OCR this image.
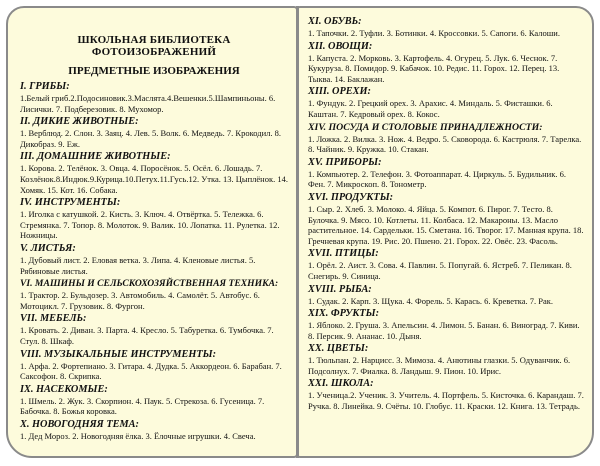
ШКОЛЬНАЯ БИБЛИОТЕКА ФОТОИЗОБРАЖЕНИЙ
ПРЕДМЕТНЫЕ ИЗОБРАЖЕНИЯ
I. ГРИБЫ:

1.Белый гриб.2.Подосиновик.3.Маслята.4.Вешенки.5.Шампиньоны. 6. Лисички. 7. Подберезовик. 8. Мухомор.

II. ДИКИЕ ЖИВОТНЫЕ:

1. Верблюд. 2. Слон. 3. Заяц. 4. Лев. 5. Волк. 6. Медведь. 7. Крокодил. 8. Дикобраз. 9. Еж.

III. ДОМАШНИЕ ЖИВОТНЫЕ:

1. Корова. 2. Телёнок. 3. Овца. 4. Поросёнок. 5. Осёл. 6. Лошадь. 7. Козлёнок.8.Индюк.9.Курица.10.Петух.11.Гусь.12. Утка. 13. Цыплёнок. 14. Хомяк. 15. Кот. 16. Собака.

IV. ИНСТРУМЕНТЫ:

1. Иголка с катушкой. 2. Кисть. 3. Ключ. 4. Отвёртка. 5. Тележка. 6. Стремянка. 7. Топор. 8. Молоток. 9. Валик. 10. Лопатка. 11. Рулетка. 12. Ножницы.

V. ЛИСТЬЯ:

1. Дубовый лист. 2. Еловая ветка. 3. Липа. 4. Кленовые листья. 5. Рябиновые листья.

VI. МАШИНЫ И СЕЛЬСКОХОЗЯЙСТВЕННАЯ ТЕХНИКА:

1. Трактор. 2. Бульдозер. 3. Автомобиль. 4. Самолёт. 5. Автобус. 6. Мотоцикл. 7. Грузовик. 8. Фургон.

VII. МЕБЕЛЬ:

1. Кровать. 2. Диван. 3. Парта. 4. Кресло. 5. Табуретка. 6. Тумбочка. 7. Стул. 8. Шкаф.

VIII. МУЗЫКАЛЬНЫЕ ИНСТРУМЕНТЫ:

1. Арфа. 2. Фортепиано. 3. Гитара. 4. Дудка. 5. Аккордеон. 6. Барабан. 7. Саксофон. 8. Скрипка.

IX. НАСЕКОМЫЕ:

1. Шмель. 2. Жук. 3. Скорпион. 4. Паук. 5. Стрекоза. 6. Гусеница. 7. Бабочка. 8. Божья коровка.

X. НОВОГОДНЯЯ ТЕМА:

1. Дед Мороз. 2. Новогодняя ёлка. 3. Ёлочные игрушки. 4. Свеча.

XI. ОБУВЬ:

1. Тапочки. 2. Туфли. 3. Ботинки. 4. Кроссовки. 5. Сапоги. 6. Калоши.

XII. ОВОЩИ:

1. Капуста. 2. Морковь. 3. Картофель. 4. Огурец. 5. Лук. 6. Чеснок. 7. Кукуруза. 8. Помидор. 9. Кабачок. 10. Редис. 11. Горох. 12. Перец. 13. Тыква. 14. Баклажан.

XIII. ОРЕХИ:

1. Фундук. 2. Грецкий орех. 3. Арахис. 4. Миндаль. 5. Фисташки. 6. Каштан. 7. Кедровый орех. 8. Кокос.

XIV. ПОСУДА И СТОЛОВЫЕ ПРИНАДЛЕЖНОСТИ:

1. Ложка. 2. Вилка. 3. Нож. 4. Ведро. 5. Сковорода. 6. Кастрюля. 7. Тарелка. 8. Чайник. 9. Кружка. 10. Стакан.

XV. ПРИБОРЫ:

1. Компьютер. 2. Телефон. 3. Фотоаппарат. 4. Циркуль. 5. Будильник. 6. Фен. 7. Микроскоп. 8. Тонометр.

XVI. ПРОДУКТЫ:

1. Сыр. 2. Хлеб. 3. Молоко. 4. Яйца. 5. Компот. 6. Пирог. 7. Тесто. 8. Булочка. 9. Мясо. 10. Котлеты. 11. Колбаса. 12. Макароны. 13. Масло растительное. 14. Сардельки. 15. Сметана. 16. Творог. 17. Манная крупа. 18. Гречневая крупа. 19. Рис. 20. Пшено. 21. Горох. 22. Овёс. 23. Фасоль.

XVII. ПТИЦЫ:

1. Орёл. 2. Аист. 3. Сова. 4. Павлин. 5. Попугай. 6. Ястреб. 7. Пеликан. 8. Снегирь. 9. Синица.

XVIII. РЫБА:

1. Судак. 2. Карп. 3. Щука. 4. Форель. 5. Карась. 6. Креветка. 7. Рак.

XIX. ФРУКТЫ:

1. Яблоко. 2. Груша. 3. Апельсин. 4. Лимон. 5. Банан. 6. Виноград. 7. Киви. 8. Персик. 9. Ананас. 10. Дыня.

XX. ЦВЕТЫ:

1. Тюльпан. 2. Нарцисс. 3. Мимоза. 4. Анютины глазки. 5. Одуванчик. 6. Подсолнух. 7. Фиалка. 8. Ландыш. 9. Пион. 10. Ирис.

XXI. ШКОЛА:

1. Ученица.2. Ученик. 3. Учитель. 4. Портфель. 5. Кисточка. 6. Карандаш. 7. Ручка. 8. Линейка. 9. Счёты. 10. Глобус. 11. Краски. 12. Книга. 13. Тетрадь.
